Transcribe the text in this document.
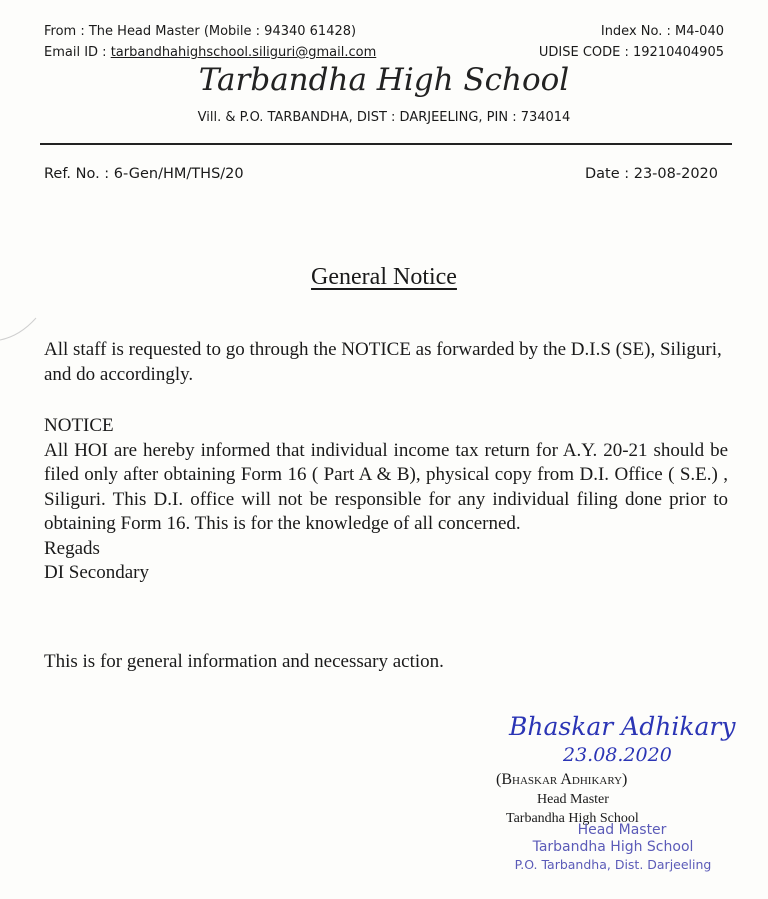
From : The Head Master (Mobile : 94340 61428)
Email ID : tarbandhahighschool.siliguri@gmail.com
Index No. : M4-040
UDISE CODE : 19210404905
Tarbandha High School
Vill. & P.O. TARBANDHA, DIST : DARJEELING, PIN : 734014
Ref. No. : 6-Gen/HM/THS/20	Date : 23-08-2020
General Notice
All staff is requested to go through the NOTICE as forwarded by the D.I.S (SE), Siliguri, and do accordingly.
NOTICE
All HOI are hereby informed that individual income tax return for A.Y. 20-21 should be filed only after obtaining Form 16 ( Part A & B), physical copy from D.I. Office ( S.E.) , Siliguri. This D.I. office will not be responsible for any individual filing done prior to obtaining Form 16. This is for the knowledge of all concerned.
Regads
DI Secondary
This is for general information and necessary action.
Bhaskar Adhikary
23.08.2020
(Bhaskar Adhikary)
Head Master
Tarbandha High School
Head Master
Tarbandha High School
P.O. Tarbandha, Dist. Darjeeling
